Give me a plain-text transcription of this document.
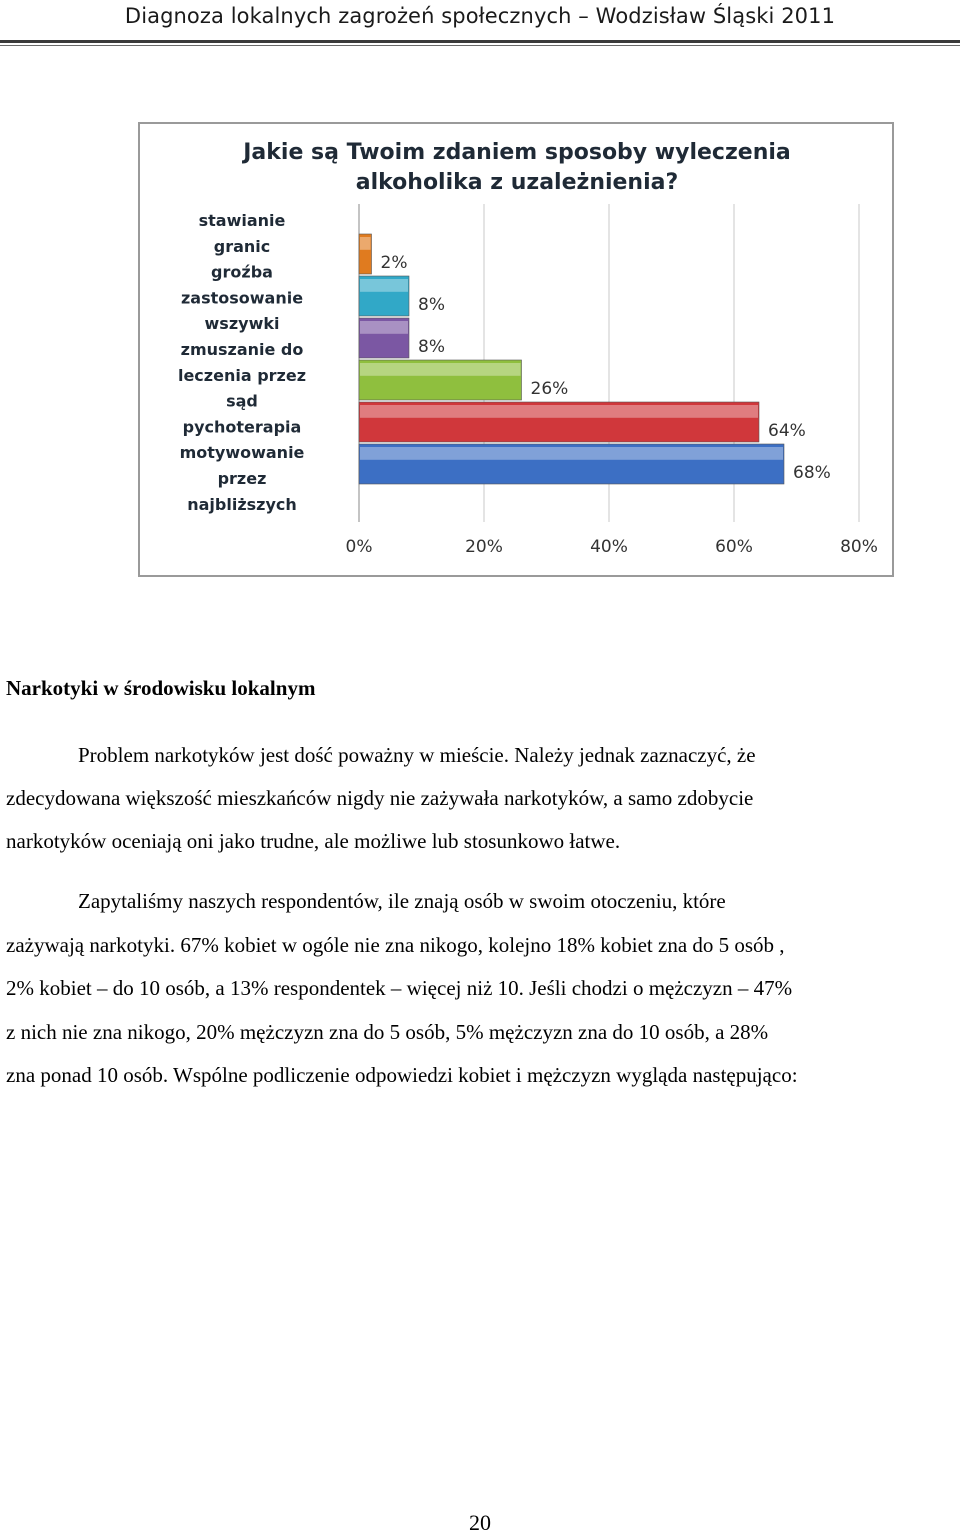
Diagnoza lokalnych zagrożeń społecznych – Wodzisław Śląski 2011
0%	20%	40%	60%	80%
2%
8%
8%
26%
64%
68%
Jakie są Twoim zdaniem sposoby wyleczenia
alkoholika z uzależnienia?
stawianie
granic
groźba
zastosowanie
wszywki
zmuszanie do
leczenia przez
sąd
pychoterapia
motywowanie
przez
najbliższych
Narkotyki w środowisku lokalnym
Problem narkotyków jest dość poważny w mieście. Należy jednak zaznaczyć, że
zdecydowana większość mieszkańców nigdy nie zażywała narkotyków, a samo zdobycie
narkotyków oceniają oni jako trudne, ale możliwe lub stosunkowo łatwe.
Zapytaliśmy naszych respondentów, ile znają osób w swoim otoczeniu, które
zażywają narkotyki. 67% kobiet w ogóle nie zna nikogo, kolejno 18% kobiet zna do 5 osób ,
2% kobiet – do 10 osób, a 13% respondentek – więcej niż 10. Jeśli chodzi o mężczyzn – 47%
z nich nie zna nikogo, 20% mężczyzn zna do 5 osób, 5% mężczyzn zna do 10 osób, a 28%
zna ponad 10 osób. Wspólne podliczenie odpowiedzi kobiet i mężczyzn wygląda następująco:
20
